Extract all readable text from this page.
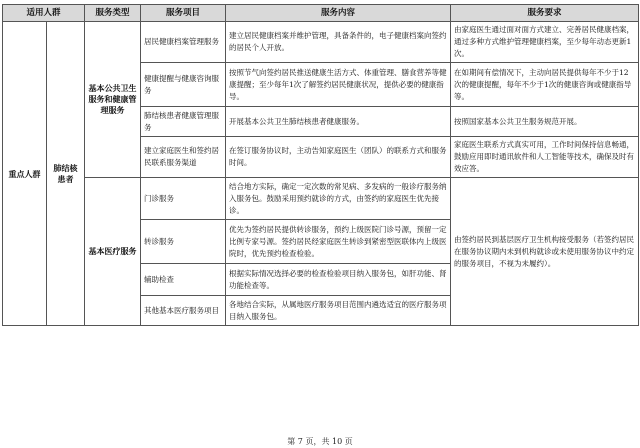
适用人群		服务类型	服务项目	服务内容	服务要求
重点人群	肺结核患者	基本公共卫生服务和健康管理服务	居民健康档案管理服务	建立居民健康档案并维护管理，具备条件的，电子健康档案向签约的居民个人开放。	由家庭医生通过面对面方式建立、完善居民健康档案，通过多种方式维护管理健康档案，至少每年动态更新1次。
			健康提醒与健康咨询服务	按照节气向签约居民推送健康生活方式、体重管理、膳食营养等健康提醒；至少每年1次了解签约居民健康状况，提供必要的健康指导。	在如期间有偿情况下，主动向居民提供每年不少于12次的健康提醒，每年不少于1次的健康咨询或健康指导等。
			肺结核患者健康管理服务	开展基本公共卫生肺结核患者健康服务。	按照国家基本公共卫生服务规范开展。
			建立家庭医生和签约居民联系服务渠道	在签订服务协议时，主动告知家庭医生（团队）的联系方式和服务时间。	家庭医生联系方式真实可用，工作时间保持信息畅通，鼓励应用即时通讯软件和人工智能等技术，确保及时有效应答。
		基本医疗服务	门诊服务	结合地方实际，确定一定次数的常见病、多发病的一般诊疗服务纳入服务包。鼓励采用预约就诊的方式，由签约的家庭医生优先接诊。	由签约居民到基层医疗卫生机构接受服务（若签约居民在服务协议期内未到机构就诊或未使用服务协议中约定的服务项目，不视为未履约）。
			转诊服务	优先为签约居民提供转诊服务，预约上级医院门诊号源，预留一定比例专家号源。签约居民经家庭医生转诊到紧密型医联体内上级医院时，优先预约检查检验。	
			辅助检查	根据实际情况选择必要的检查检验项目纳入服务包，如肝功能、肾功能检查等。	
			其他基本医疗服务项目	各地结合实际，从属地医疗服务项目范围内遴选适宜的医疗服务项目纳入服务包。	
第 7 页，共 10 页
